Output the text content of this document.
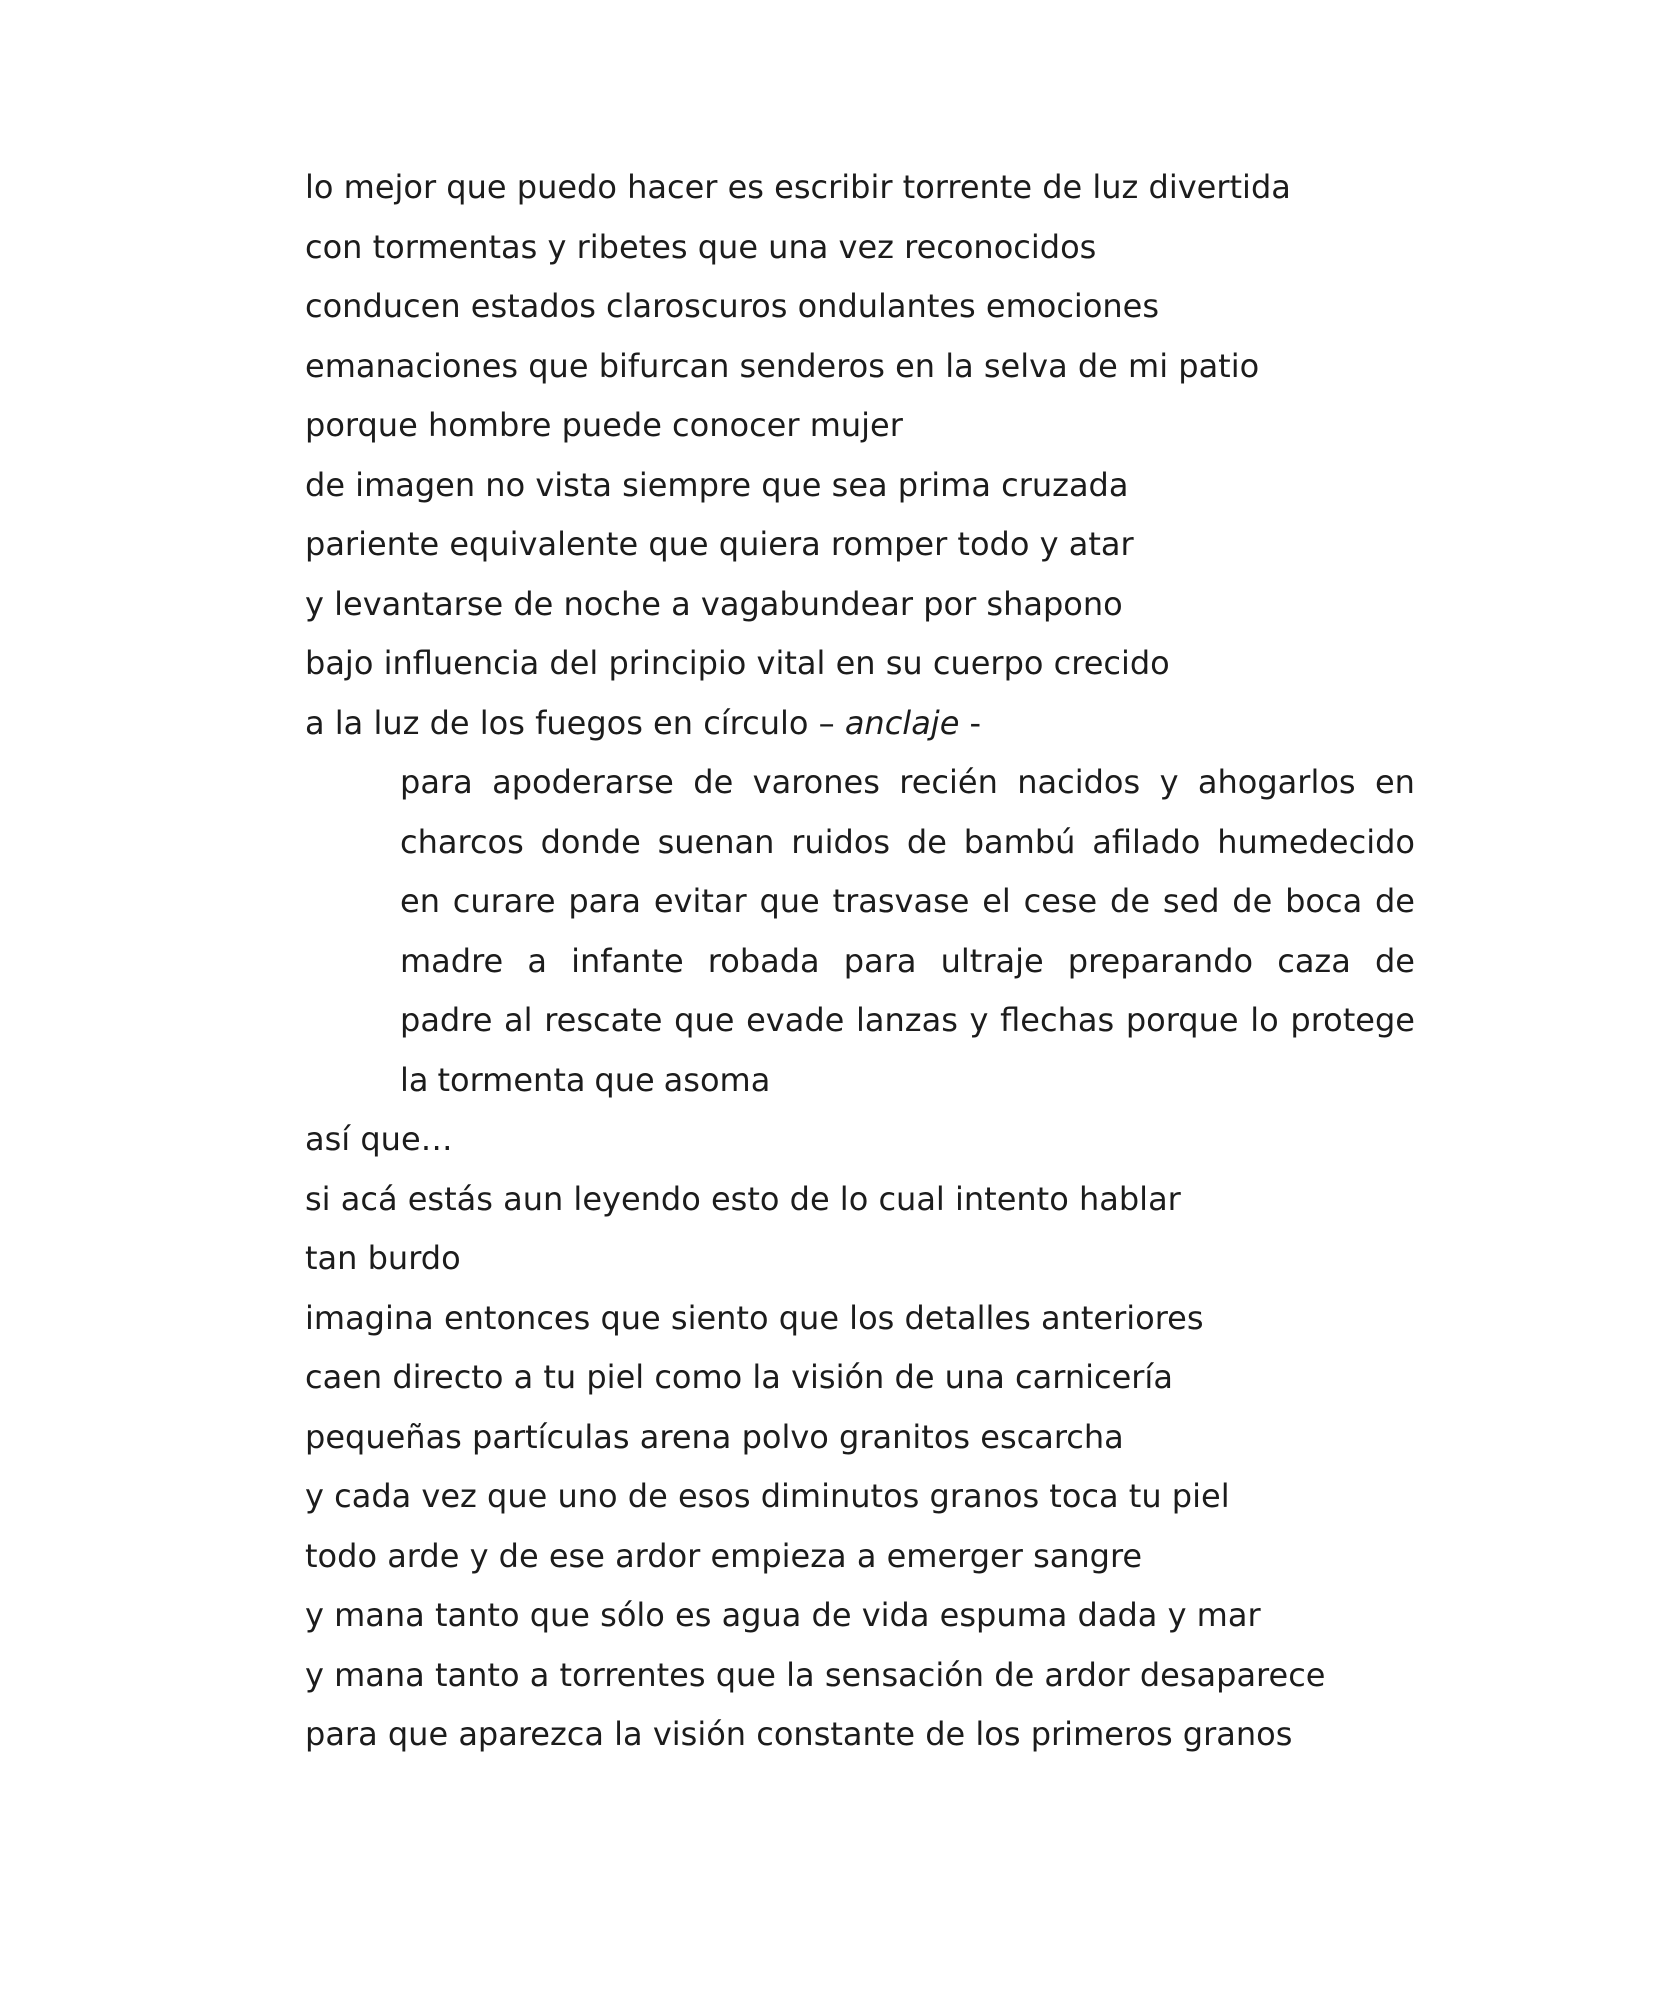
lo mejor que puedo hacer es escribir torrente de luz divertida
con tormentas y ribetes que una vez reconocidos
conducen estados claroscuros ondulantes emociones
emanaciones que bifurcan senderos en la selva de mi patio
porque hombre puede conocer mujer
de imagen no vista siempre que sea prima cruzada
pariente equivalente que quiera romper todo y atar
y levantarse de noche a vagabundear por shapono
bajo influencia del principio vital en su cuerpo crecido
a la luz de los fuegos en círculo – anclaje -
para apoderarse de varones recién nacidos y ahogarlos en
charcos donde suenan ruidos de bambú afilado humedecido
en curare para evitar que trasvase el cese de sed de boca de
madre a infante robada para ultraje preparando caza de
padre al rescate que evade lanzas y flechas porque lo protege
la tormenta que asoma
así que…
si acá estás aun leyendo esto de lo cual intento hablar
tan burdo
imagina entonces que siento que los detalles anteriores
caen directo a tu piel como la visión de una carnicería
pequeñas partículas arena polvo granitos escarcha
y cada vez que uno de esos diminutos granos toca tu piel
todo arde y de ese ardor empieza a emerger sangre
y mana tanto que sólo es agua de vida espuma dada y mar
y mana tanto a torrentes que la sensación de ardor desaparece
para que aparezca la visión constante de los primeros granos
